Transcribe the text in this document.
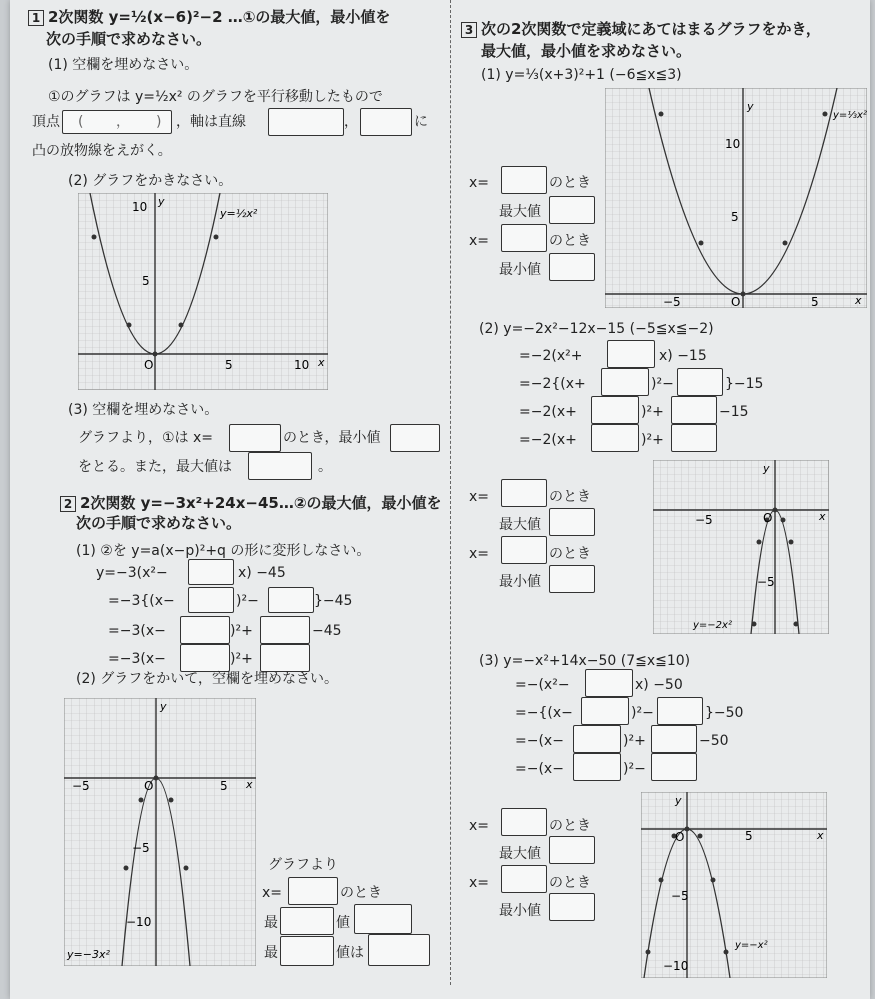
1 2次関数 y=½(x−6)²−2 …①の最大値，最小値を
次の手順で求めなさい。
(1) 空欄を埋めなさい。
①のグラフは y=½x² のグラフを平行移動したもので
頂点 ( ， ) ，軸は直線	，	に
凸の放物線をえがく。
(2) グラフをかきなさい。
10
5
O	5	10 x
y
y=½x²
(3) 空欄を埋めなさい。
グラフより，①は x=	のとき，最小値
をとる。また，最大値は	。
2 2次関数 y=−3x²+24x−45…②の最大値，最小値を
次の手順で求めなさい。
(1) ②を y=a(x−p)²+q の形に変形しなさい。
y=−3(x²−	x) −45
=−3{(x−	)²−	}−45
=−3(x−	)²+	−45
=−3(x−	)²+
(2) グラフをかいて，空欄を埋めなさい。
−5	5
O
−5
−10
x
y
y=−3x²
グラフより
x=	のとき
最	値
最	値は
3 次の2次関数で定義域にあてはまるグラフをかき，
最大値，最小値を求めなさい。
(1) y=⅓(x+3)²+1 (−6≦x≦3)
x=	のとき
最大値
x=	のとき
最小値
10
5
O
−5	5	x
y
y=⅓x²
(2) y=−2x²−12x−15 (−5≦x≦−2)
=−2(x²+	x) −15
=−2{(x+	)²−	}−15
=−2(x+	)²+	−15
=−2(x+	)²+
x=	のとき
最大値
x=	のとき
最小値
−5	O
−5
x
y
y=−2x²
(3) y=−x²+14x−50 (7≦x≦10)
=−(x²−	x) −50
=−{(x−	)²−	}−50
=−(x−	)²+	−50
=−(x−	)²−
x=	のとき
最大値
x=	のとき
最小値
O	5
−5
−10
x
y
y=−x²
